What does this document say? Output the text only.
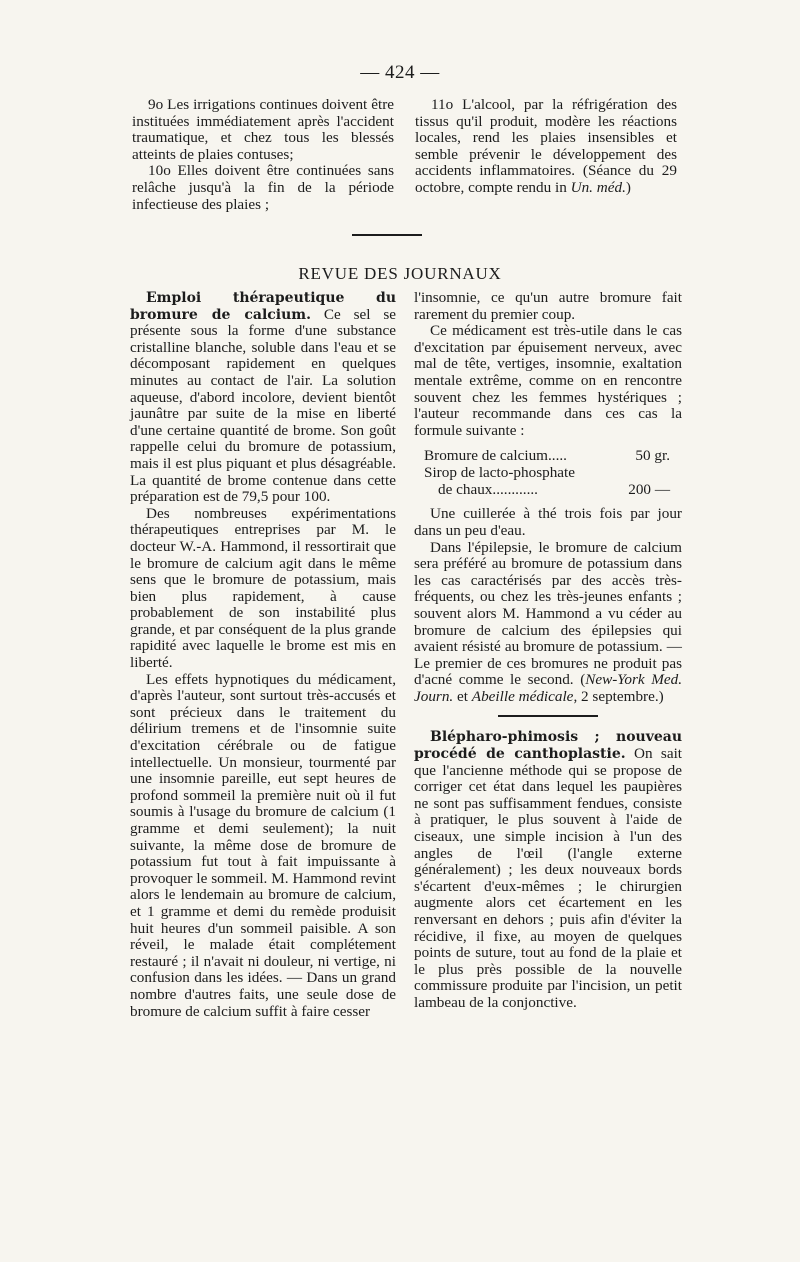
— 424 —

9o Les irrigations continues doivent être instituées immédiatement après l'accident traumatique, et chez tous les blessés atteints de plaies contuses;

10o Elles doivent être continuées sans relâche jusqu'à la fin de la période infectieuse des plaies ;

11o L'alcool, par la réfrigération des tissus qu'il produit, modère les réactions locales, rend les plaies insensibles et semble prévenir le développement des accidents inflammatoires. (Séance du 29 octobre, compte rendu in Un. méd.)

REVUE DES JOURNAUX

Emploi thérapeutique du bromure de calcium. Ce sel se présente sous la forme d'une substance cristalline blanche, soluble dans l'eau et se décomposant rapidement en quelques minutes au contact de l'air. La solution aqueuse, d'abord incolore, devient bientôt jaunâtre par suite de la mise en liberté d'une certaine quantité de brome. Son goût rappelle celui du bromure de potassium, mais il est plus piquant et plus désagréable. La quantité de brome contenue dans cette préparation est de 79,5 pour 100.

Des nombreuses expérimentations thérapeutiques entreprises par M. le docteur W.-A. Hammond, il ressortirait que le bromure de calcium agit dans le même sens que le bromure de potassium, mais bien plus rapidement, à cause probablement de son instabilité plus grande, et par conséquent de la plus grande rapidité avec laquelle le brome est mis en liberté.

Les effets hypnotiques du médicament, d'après l'auteur, sont surtout très-accusés et sont précieux dans le traitement du délirium tremens et de l'insomnie suite d'excitation cérébrale ou de fatigue intellectuelle. Un monsieur, tourmenté par une insomnie pareille, eut sept heures de profond sommeil la première nuit où il fut soumis à l'usage du bromure de calcium (1 gramme et demi seulement); la nuit suivante, la même dose de bromure de potassium fut tout à fait impuissante à provoquer le sommeil. M. Hammond revint alors le lendemain au bromure de calcium, et 1 gramme et demi du remède produisit huit heures d'un sommeil paisible. A son réveil, le malade était complétement restauré ; il n'avait ni douleur, ni vertige, ni confusion dans les idées. — Dans un grand nombre d'autres faits, une seule dose de bromure de calcium suffit à faire cesser

l'insomnie, ce qu'un autre bromure fait rarement du premier coup.

Ce médicament est très-utile dans le cas d'excitation par épuisement nerveux, avec mal de tête, vertiges, insomnie, exaltation mentale extrême, comme on en rencontre souvent chez les femmes hystériques ; l'auteur recommande dans ces cas la formule suivante :

Bromure de calcium.....	50 gr.
Sirop de lacto-phosphate
de chaux............	200 —

Une cuillerée à thé trois fois par jour dans un peu d'eau.

Dans l'épilepsie, le bromure de calcium sera préféré au bromure de potassium dans les cas caractérisés par des accès très-fréquents, ou chez les très-jeunes enfants ; souvent alors M. Hammond a vu céder au bromure de calcium des épilepsies qui avaient résisté au bromure de potassium. — Le premier de ces bromures ne produit pas d'acné comme le second. (New-York Med. Journ. et Abeille médicale, 2 septembre.)

Blépharo-phimosis ; nouveau procédé de canthoplastie. On sait que l'ancienne méthode qui se propose de corriger cet état dans lequel les paupières ne sont pas suffisamment fendues, consiste à pratiquer, le plus souvent à l'aide de ciseaux, une simple incision à l'un des angles de l'œil (l'angle externe généralement) ; les deux nouveaux bords s'écartent d'eux-mêmes ; le chirurgien augmente alors cet écartement en les renversant en dehors ; puis afin d'éviter la récidive, il fixe, au moyen de quelques points de suture, tout au fond de la plaie et le plus près possible de la nouvelle commissure produite par l'incision, un petit lambeau de la conjonctive.
